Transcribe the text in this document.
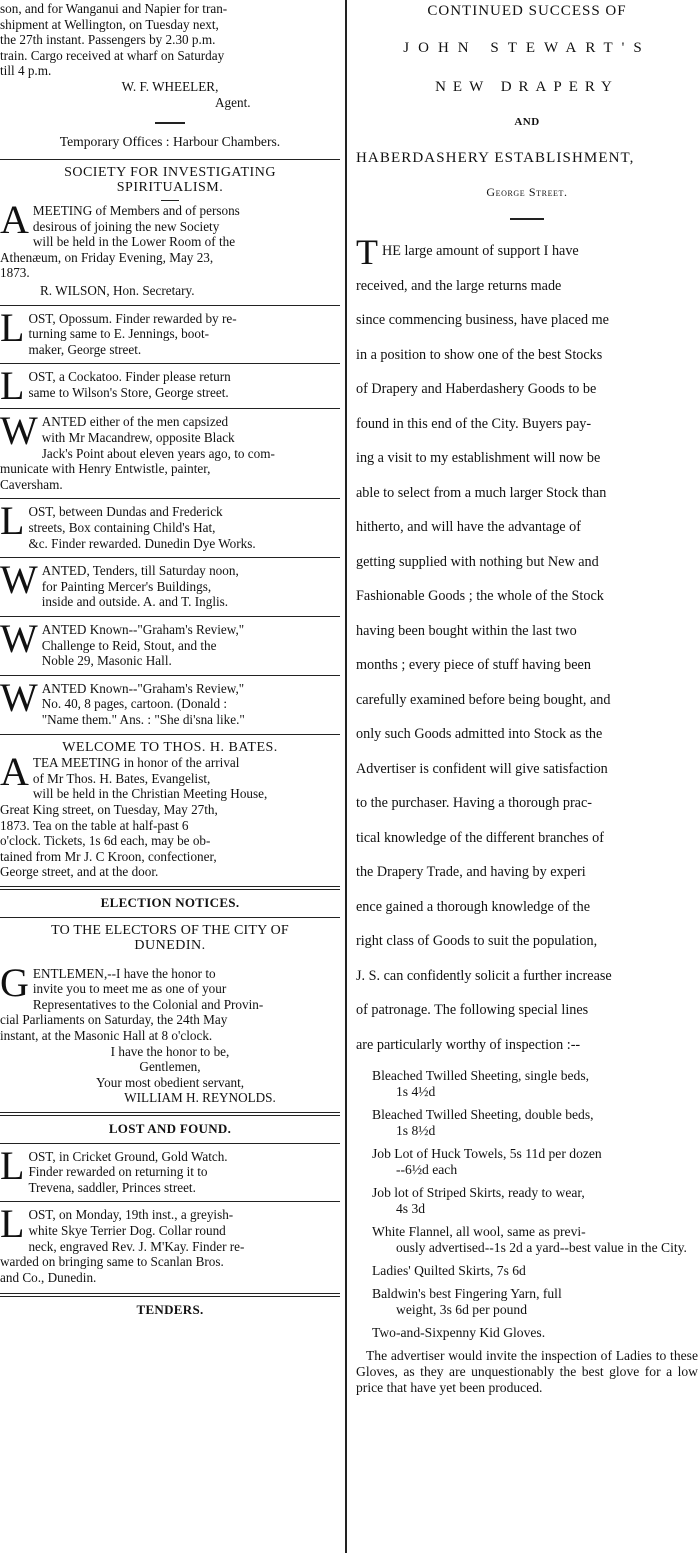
son, and for Wanganui and Napier for tran-

shipment at Wellington, on Tuesday next,

the 27th instant. Passengers by 2.30 p.m.

train. Cargo received at wharf on Saturday

till 4 p.m.

W. F. WHEELER,

Agent.

Temporary Offices : Harbour Chambers.

SOCIETY FOR INVESTIGATING

SPIRITUALISM.

A MEETING of Members and of persons

desirous of joining the new Society

will be held in the Lower Room of the

Athenæum, on Friday Evening, May 23,

1873.

R. WILSON, Hon. Secretary.

L OST, Opossum. Finder rewarded by re-

turning same to E. Jennings, boot-

maker, George street.

L OST, a Cockatoo. Finder please return

same to Wilson's Store, George street.

W ANTED either of the men capsized

with Mr Macandrew, opposite Black

Jack's Point about eleven years ago, to com-

municate with Henry Entwistle, painter,

Caversham.

L OST, between Dundas and Frederick

streets, Box containing Child's Hat,

&c. Finder rewarded. Dunedin Dye Works.

W ANTED, Tenders, till Saturday noon,

for Painting Mercer's Buildings,

inside and outside. A. and T. Inglis.

W ANTED Known--"Graham's Review,"

Challenge to Reid, Stout, and the

Noble 29, Masonic Hall.

W ANTED Known--"Graham's Review,"

No. 40, 8 pages, cartoon. (Donald :

"Name them." Ans. : "She di'sna like."

WELCOME TO THOS. H. BATES.

A TEA MEETING in honor of the arrival

of Mr Thos. H. Bates, Evangelist,

will be held in the Christian Meeting House,

Great King street, on Tuesday, May 27th,

1873. Tea on the table at half-past 6

o'clock. Tickets, 1s 6d each, may be ob-

tained from Mr J. C Kroon, confectioner,

George street, and at the door.

ELECTION NOTICES.

TO THE ELECTORS OF THE CITY OF

DUNEDIN.

G ENTLEMEN,--I have the honor to

invite you to meet me as one of your

Representatives to the Colonial and Provin-

cial Parliaments on Saturday, the 24th May

instant, at the Masonic Hall at 8 o'clock.

I have the honor to be,

Gentlemen,

Your most obedient servant,

WILLIAM H. REYNOLDS.

LOST AND FOUND.

L OST, in Cricket Ground, Gold Watch.

Finder rewarded on returning it to

Trevena, saddler, Princes street.

L OST, on Monday, 19th inst., a greyish-

white Skye Terrier Dog. Collar round

neck, engraved Rev. J. M'Kay. Finder re-

warded on bringing same to Scanlan Bros.

and Co., Dunedin.

TENDERS.

CONTINUED SUCCESS OF

JOHN STEWART'S

NEW DRAPERY

AND

HABERDASHERY ESTABLISHMENT,

George Street.

T HE large amount of support I have

received, and the large returns made

since commencing business, have placed me

in a position to show one of the best Stocks

of Drapery and Haberdashery Goods to be

found in this end of the City. Buyers pay-

ing a visit to my establishment will now be

able to select from a much larger Stock than

hitherto, and will have the advantage of

getting supplied with nothing but New and

Fashionable Goods ; the whole of the Stock

having been bought within the last two

months ; every piece of stuff having been

carefully examined before being bought, and

only such Goods admitted into Stock as the

Advertiser is confident will give satisfaction

to the purchaser. Having a thorough prac-

tical knowledge of the different branches of

the Drapery Trade, and having by experi

ence gained a thorough knowledge of the

right class of Goods to suit the population,

J. S. can confidently solicit a further increase

of patronage. The following special lines

are particularly worthy of inspection :--

Bleached Twilled Sheeting, single beds,
1s 4½d
Bleached Twilled Sheeting, double beds,
1s 8½d
Job Lot of Huck Towels, 5s 11d per dozen
--6½d each
Job lot of Striped Skirts, ready to wear,
4s 3d
White Flannel, all wool, same as previ-
ously advertised--1s 2d a yard--best value in the City.
Ladies' Quilted Skirts, 7s 6d
Baldwin's best Fingering Yarn, full
weight, 3s 6d per pound
Two-and-Sixpenny Kid Gloves.

The advertiser would invite the inspection of Ladies to these Gloves, as they are unquestionably the best glove for a low price that have yet been produced.
